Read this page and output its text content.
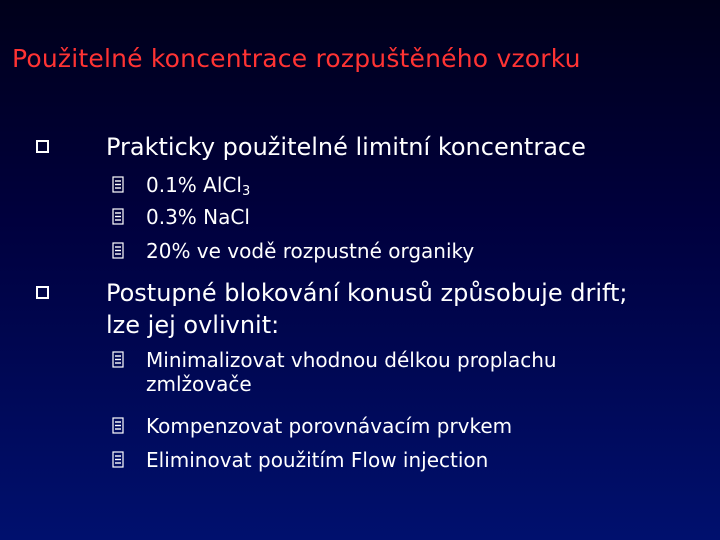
Použitelné koncentrace rozpuštěného vzorku
Prakticky použitelné limitní koncentrace
0.1% AlCl$_3$
0.3% NaCl
20% ve vodě rozpustné organiky
Postupné blokování konusů způsobuje drift; lze jej ovlivnit:
Minimalizovat vhodnou délkou proplachu zmlžovače
Kompenzovat porovnávacím prvkem
Eliminovat použitím Flow injection
